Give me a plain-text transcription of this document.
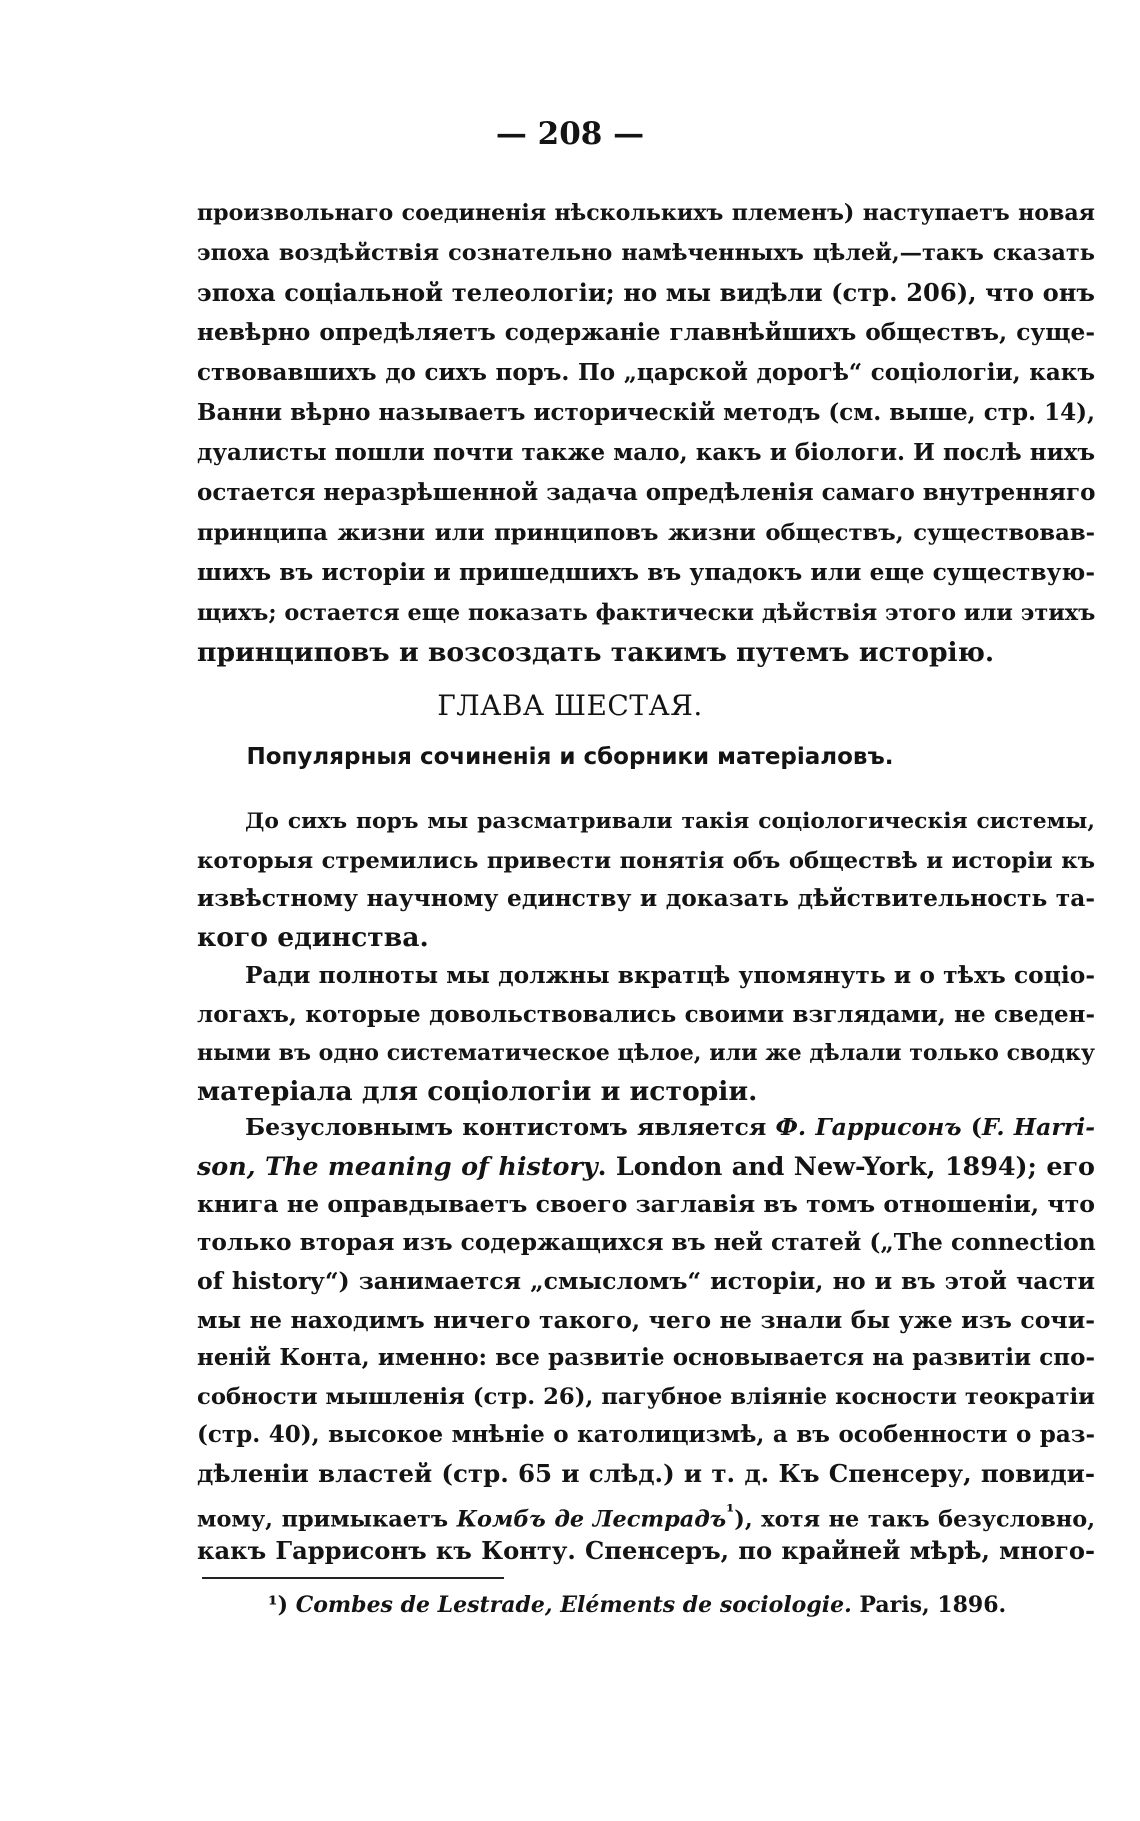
— 208 —
произвольнаго соединенія нѣсколькихъ племенъ) наступаетъ новая
эпоха воздѣйствія сознательно намѣченныхъ цѣлей,—такъ сказать
эпоха соціальной телеологіи; но мы видѣли (стр. 206), что онъ
невѣрно опредѣляетъ содержаніе главнѣйшихъ обществъ, суще-
ствовавшихъ до сихъ поръ. По „царской дорогѣ“ соціологіи, какъ
Ванни вѣрно называетъ историческій методъ (см. выше, стр. 14),
дуалисты пошли почти также мало, какъ и біологи. И послѣ нихъ
остается неразрѣшенной задача опредѣленія самаго внутренняго
принципа жизни или принциповъ жизни обществъ, существовав-
шихъ въ исторіи и пришедшихъ въ упадокъ или еще существую-
щихъ; остается еще показать фактически дѣйствія этого или этихъ
принциповъ и возсоздать такимъ путемъ исторію.
ГЛАВА ШЕСТАЯ.
Популярныя сочиненія и сборники матеріаловъ.
До сихъ поръ мы разсматривали такія соціологическія системы,
которыя стремились привести понятія объ обществѣ и исторіи къ
извѣстному научному единству и доказать дѣйствительность та-
кого единства.
Ради полноты мы должны вкратцѣ упомянуть и о тѣхъ соціо-
логахъ, которые довольствовались своими взглядами, не сведен-
ными въ одно систематическое цѣлое, или же дѣлали только сводку
матеріала для соціологіи и исторіи.
Безусловнымъ контистомъ является Ф. Гаррисонъ (F. Harri-
son, The meaning of history. London and New-York, 1894); его
книга не оправдываетъ своего заглавія въ томъ отношеніи, что
только вторая изъ содержащихся въ ней статей („The connection
of history“) занимается „смысломъ“ исторіи, но и въ этой части
мы не находимъ ничего такого, чего не знали бы уже изъ сочи-
неній Конта, именно: все развитіе основывается на развитіи спо-
собности мышленія (стр. 26), пагубное вліяніе косности теократіи
(стр. 40), высокое мнѣніе о католицизмѣ, а въ особенности о раз-
дѣленіи властей (стр. 65 и слѣд.) и т. д. Къ Спенсеру, повиди-
мому, примыкаетъ Комбъ де Лестрадъ$^{^1}$), хотя не такъ безусловно,
какъ Гаррисонъ къ Конту. Спенсеръ, по крайней мѣрѣ, много-
¹) Combes de Lestrade, Eléments de sociologie. Paris, 1896.
